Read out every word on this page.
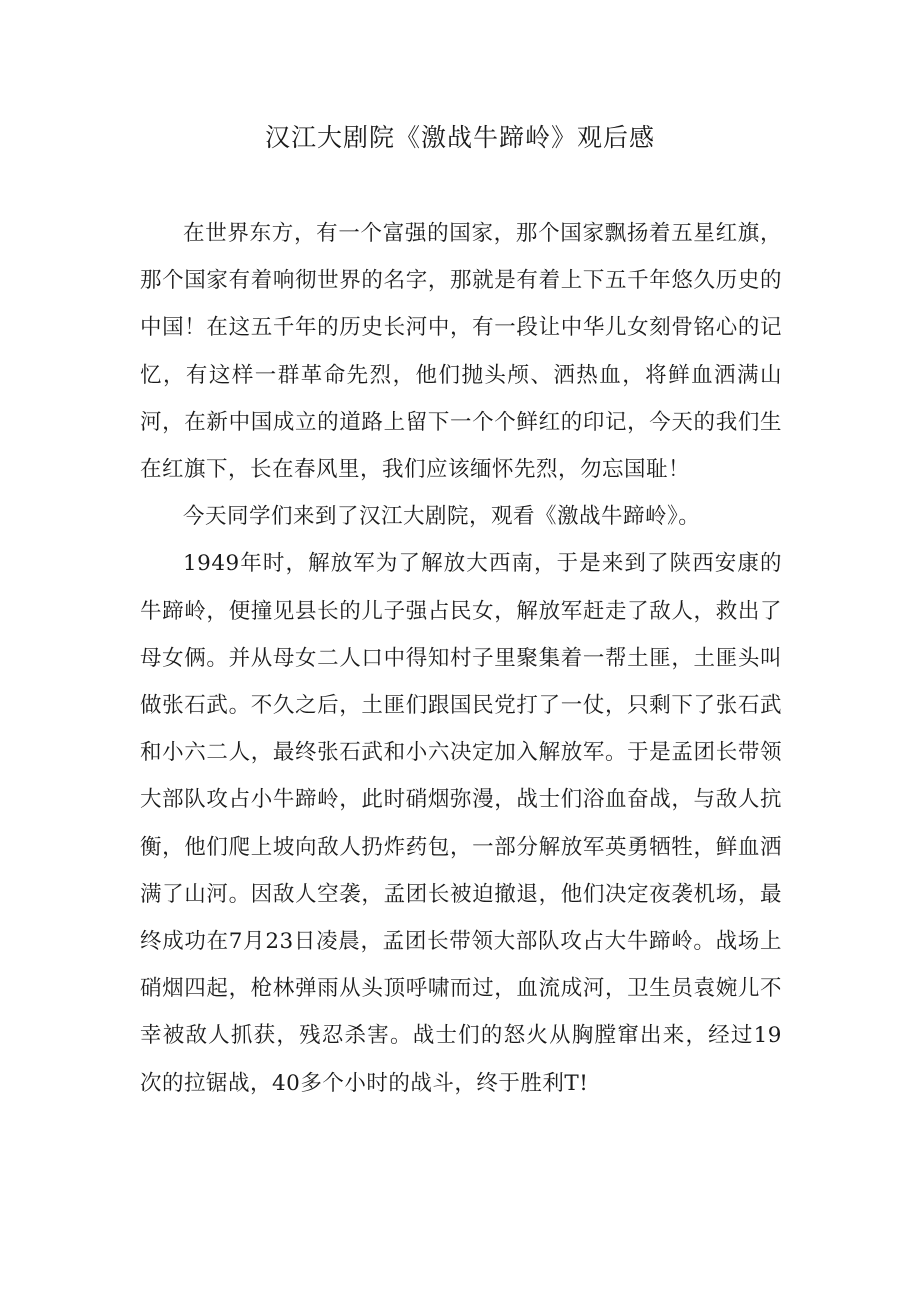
汉江大剧院《激战牛蹄岭》观后感

在世界东方，有一个富强的国家，那个国家飘扬着五星红旗，那个国家有着响彻世界的名字，那就是有着上下五千年悠久历史的中国！在这五千年的历史长河中，有一段让中华儿女刻骨铭心的记忆，有这样一群革命先烈，他们抛头颅、洒热血，将鲜血洒满山河，在新中国成立的道路上留下一个个鲜红的印记，今天的我们生在红旗下，长在春风里，我们应该缅怀先烈，勿忘国耻！

今天同学们来到了汉江大剧院，观看《激战牛蹄岭》。

1949年时，解放军为了解放大西南，于是来到了陕西安康的牛蹄岭，便撞见县长的儿子强占民女，解放军赶走了敌人，救出了母女俩。并从母女二人口中得知村子里聚集着一帮土匪，土匪头叫做张石武。不久之后，土匪们跟国民党打了一仗，只剩下了张石武和小六二人，最终张石武和小六决定加入解放军。于是孟团长带领大部队攻占小牛蹄岭，此时硝烟弥漫，战士们浴血奋战，与敌人抗衡，他们爬上坡向敌人扔炸药包，一部分解放军英勇牺牲，鲜血洒满了山河。因敌人空袭，孟团长被迫撤退，他们决定夜袭机场，最终成功在7月23日凌晨，孟团长带领大部队攻占大牛蹄岭。战场上硝烟四起，枪林弹雨从头顶呼啸而过，血流成河，卫生员袁婉儿不幸被敌人抓获，残忍杀害。战士们的怒火从胸膛窜出来，经过19次的拉锯战，40多个小时的战斗，终于胜利T!
